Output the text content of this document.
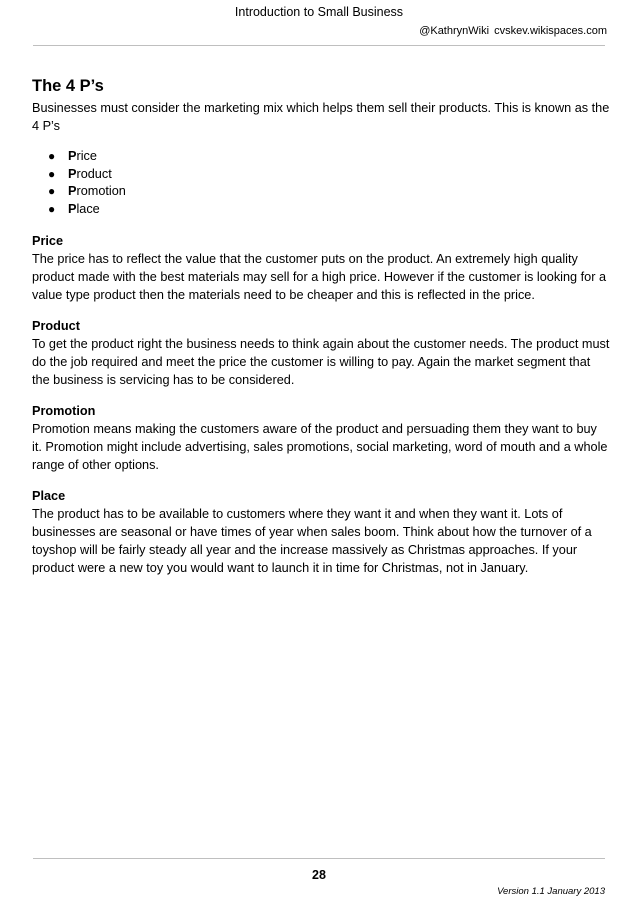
Introduction to Small Business
@KathrynWiki cvskev.wikispaces.com
The 4 P’s

Businesses must consider the marketing mix which helps them sell their products. This is known as the 4 P’s

● Price
● Product
● Promotion
● Place
Price

The price has to reflect the value that the customer puts on the product. An extremely high quality product made with the best materials may sell for a high price. However if the customer is looking for a value type product then the materials need to be cheaper and this is reflected in the price.

Product

To get the product right the business needs to think again about the customer needs. The product must do the job required and meet the price the customer is willing to pay. Again the market segment that the business is servicing has to be considered.

Promotion

Promotion means making the customers aware of the product and persuading them they want to buy it. Promotion might include advertising, sales promotions, social marketing, word of mouth and a whole range of other options.

Place

The product has to be available to customers where they want it and when they want it. Lots of businesses are seasonal or have times of year when sales boom. Think about how the turnover of a toyshop will be fairly steady all year and the increase massively as Christmas approaches. If your product were a new toy you would want to launch it in time for Christmas, not in January.

28
Version 1.1 January 2013
